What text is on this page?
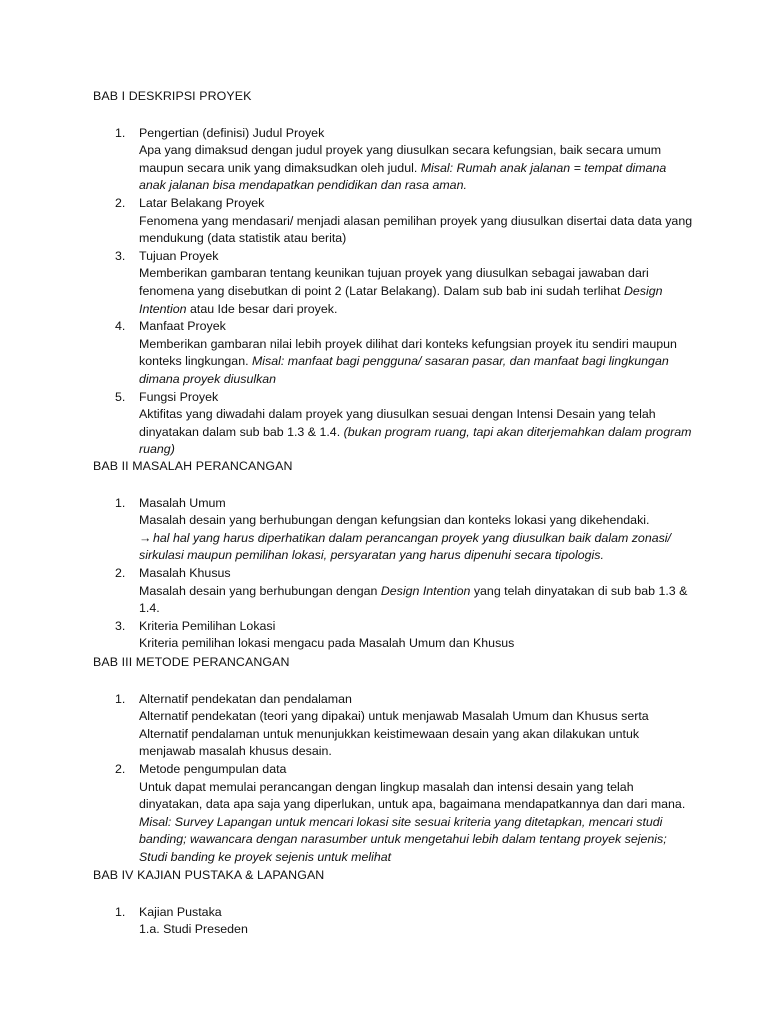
BAB I DESKRIPSI PROYEK
1. Pengertian (definisi) Judul Proyek
Apa yang dimaksud dengan judul proyek yang diusulkan secara kefungsian, baik secara umum maupun secara unik yang dimaksudkan oleh judul. Misal: Rumah anak jalanan = tempat dimana anak jalanan bisa mendapatkan pendidikan dan rasa aman.
2. Latar Belakang Proyek
Fenomena yang mendasari/ menjadi alasan pemilihan proyek yang diusulkan disertai data data yang mendukung (data statistik atau berita)
3. Tujuan Proyek
Memberikan gambaran tentang keunikan tujuan proyek yang diusulkan sebagai jawaban dari fenomena yang disebutkan di point 2 (Latar Belakang). Dalam sub bab ini sudah terlihat Design Intention atau Ide besar dari proyek.
4. Manfaat Proyek
Memberikan gambaran nilai lebih proyek dilihat dari konteks kefungsian proyek itu sendiri maupun konteks lingkungan. Misal: manfaat bagi pengguna/ sasaran pasar, dan manfaat bagi lingkungan dimana proyek diusulkan
5. Fungsi Proyek
Aktifitas yang diwadahi dalam proyek yang diusulkan sesuai dengan Intensi Desain yang telah dinyatakan dalam sub bab 1.3 & 1.4. (bukan program ruang, tapi akan diterjemahkan dalam program ruang)
BAB II MASALAH PERANCANGAN
1. Masalah Umum
Masalah desain yang berhubungan dengan kefungsian dan konteks lokasi yang dikehendaki.
→ hal hal yang harus diperhatikan dalam perancangan proyek yang diusulkan baik dalam zonasi/ sirkulasi maupun pemilihan lokasi, persyaratan yang harus dipenuhi secara tipologis.
2. Masalah Khusus
Masalah desain yang berhubungan dengan Design Intention yang telah dinyatakan di sub bab 1.3 & 1.4.
3. Kriteria Pemilihan Lokasi
Kriteria pemilihan lokasi mengacu pada Masalah Umum dan Khusus
BAB III METODE PERANCANGAN
1. Alternatif pendekatan dan pendalaman
Alternatif pendekatan (teori yang dipakai) untuk menjawab Masalah Umum dan Khusus serta Alternatif pendalaman untuk menunjukkan keistimewaan desain yang akan dilakukan untuk menjawab masalah khusus desain.
2. Metode pengumpulan data
Untuk dapat memulai perancangan dengan lingkup masalah dan intensi desain yang telah dinyatakan, data apa saja yang diperlukan, untuk apa, bagaimana mendapatkannya dan dari mana. Misal: Survey Lapangan untuk mencari lokasi site sesuai kriteria yang ditetapkan, mencari studi banding; wawancara dengan narasumber untuk mengetahui lebih dalam tentang proyek sejenis; Studi banding ke proyek sejenis untuk melihat
BAB IV KAJIAN PUSTAKA & LAPANGAN
1. Kajian Pustaka
1.a. Studi Preseden
